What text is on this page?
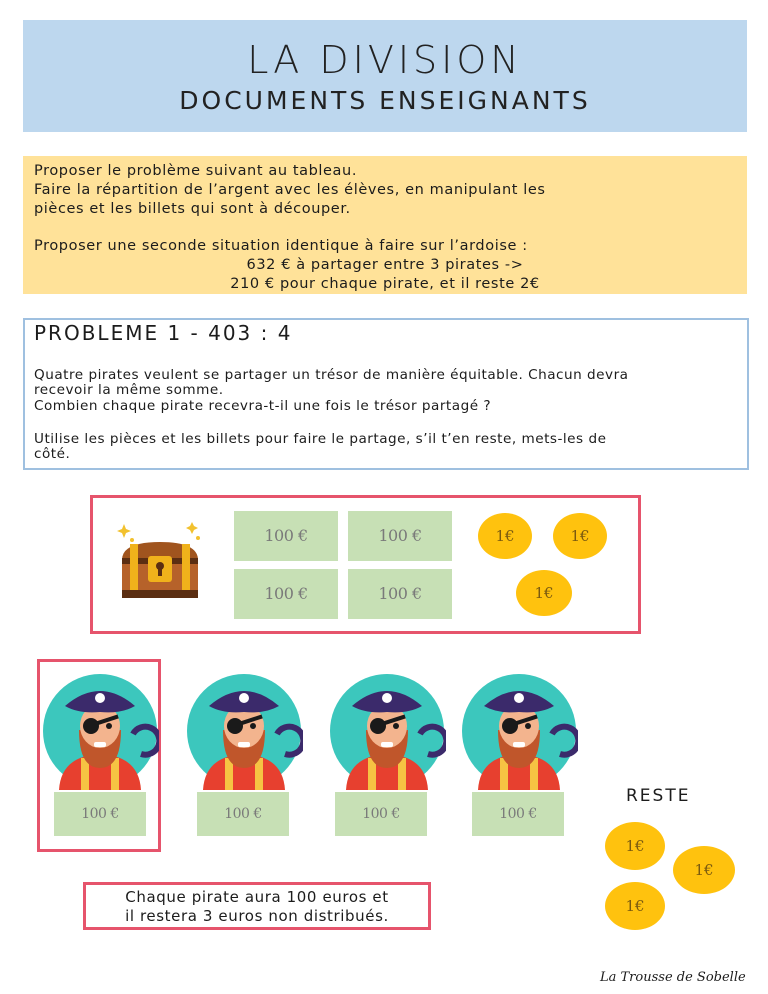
LA DIVISION
DOCUMENTS ENSEIGNANTS
Proposer le problème suivant au tableau.
Faire la répartition de l’argent avec les élèves, en manipulant les
pièces et les billets qui sont à découper.
Proposer une seconde situation identique à faire sur l’ardoise :
632 € à partager entre 3 pirates ->
210 € pour chaque pirate, et il reste 2€
PROBLEME 1 - 403 : 4
Quatre pirates veulent se partager un trésor de manière équitable. Chacun devra
recevoir la même somme.
Combien chaque pirate recevra-t-il une fois le trésor partagé ?
Utilise les pièces et les billets pour faire le partage, s’il t’en reste, mets-les de
côté.
100 €	100 €
100 €	100 €
1€	1€
1€
100 €	100 €	100 €	100 €
RESTE
1€
1€
1€
Chaque pirate aura 100 euros et
il restera 3 euros non distribués.
La Trousse de Sobelle
